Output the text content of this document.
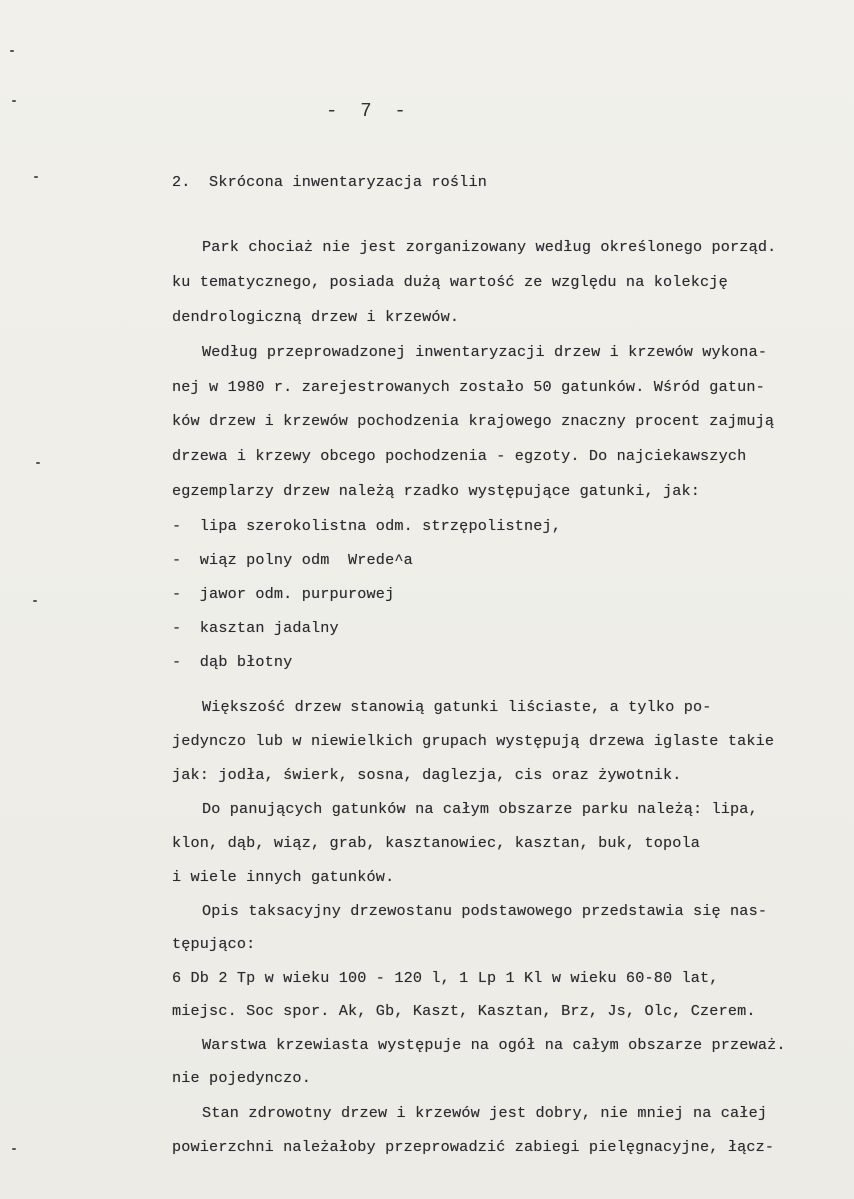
-  7  -

2.  Skrócona inwentaryzacja roślin

Park chociaż nie jest zorganizowany według określonego porząd.

ku tematycznego, posiada dużą wartość ze względu na kolekcję

dendrologiczną drzew i krzewów.

Według przeprowadzonej inwentaryzacji drzew i krzewów wykona-

nej w 1980 r. zarejestrowanych zostało 50 gatunków. Wśród gatun-

ków drzew i krzewów pochodzenia krajowego znaczny procent zajmują

drzewa i krzewy obcego pochodzenia - egzoty. Do najciekawszych

egzemplarzy drzew należą rzadko występujące gatunki, jak:

-  lipa szerokolistna odm. strzępolistnej,

-  wiąz polny odm  Wrede^a

-  jawor odm. purpurowej

-  kasztan jadalny

-  dąb błotny

Większość drzew stanowią gatunki liściaste, a tylko po-

jedynczo lub w niewielkich grupach występują drzewa iglaste takie

jak: jodła, świerk, sosna, daglezja, cis oraz żywotnik.

Do panujących gatunków na całym obszarze parku należą: lipa,

klon, dąb, wiąz, grab, kasztanowiec, kasztan, buk, topola

i wiele innych gatunków.

Opis taksacyjny drzewostanu podstawowego przedstawia się nas-

tępująco:

6 Db 2 Tp w wieku 100 - 120 l, 1 Lp 1 Kl w wieku 60-80 lat,

miejsc. Soc spor. Ak, Gb, Kaszt, Kasztan, Brz, Js, Olc, Czerem.

Warstwa krzewiasta występuje na ogół na całym obszarze przeważ.

nie pojedynczo.

Stan zdrowotny drzew i krzewów jest dobry, nie mniej na całej

powierzchni należałoby przeprowadzić zabiegi pielęgnacyjne, łącz-
